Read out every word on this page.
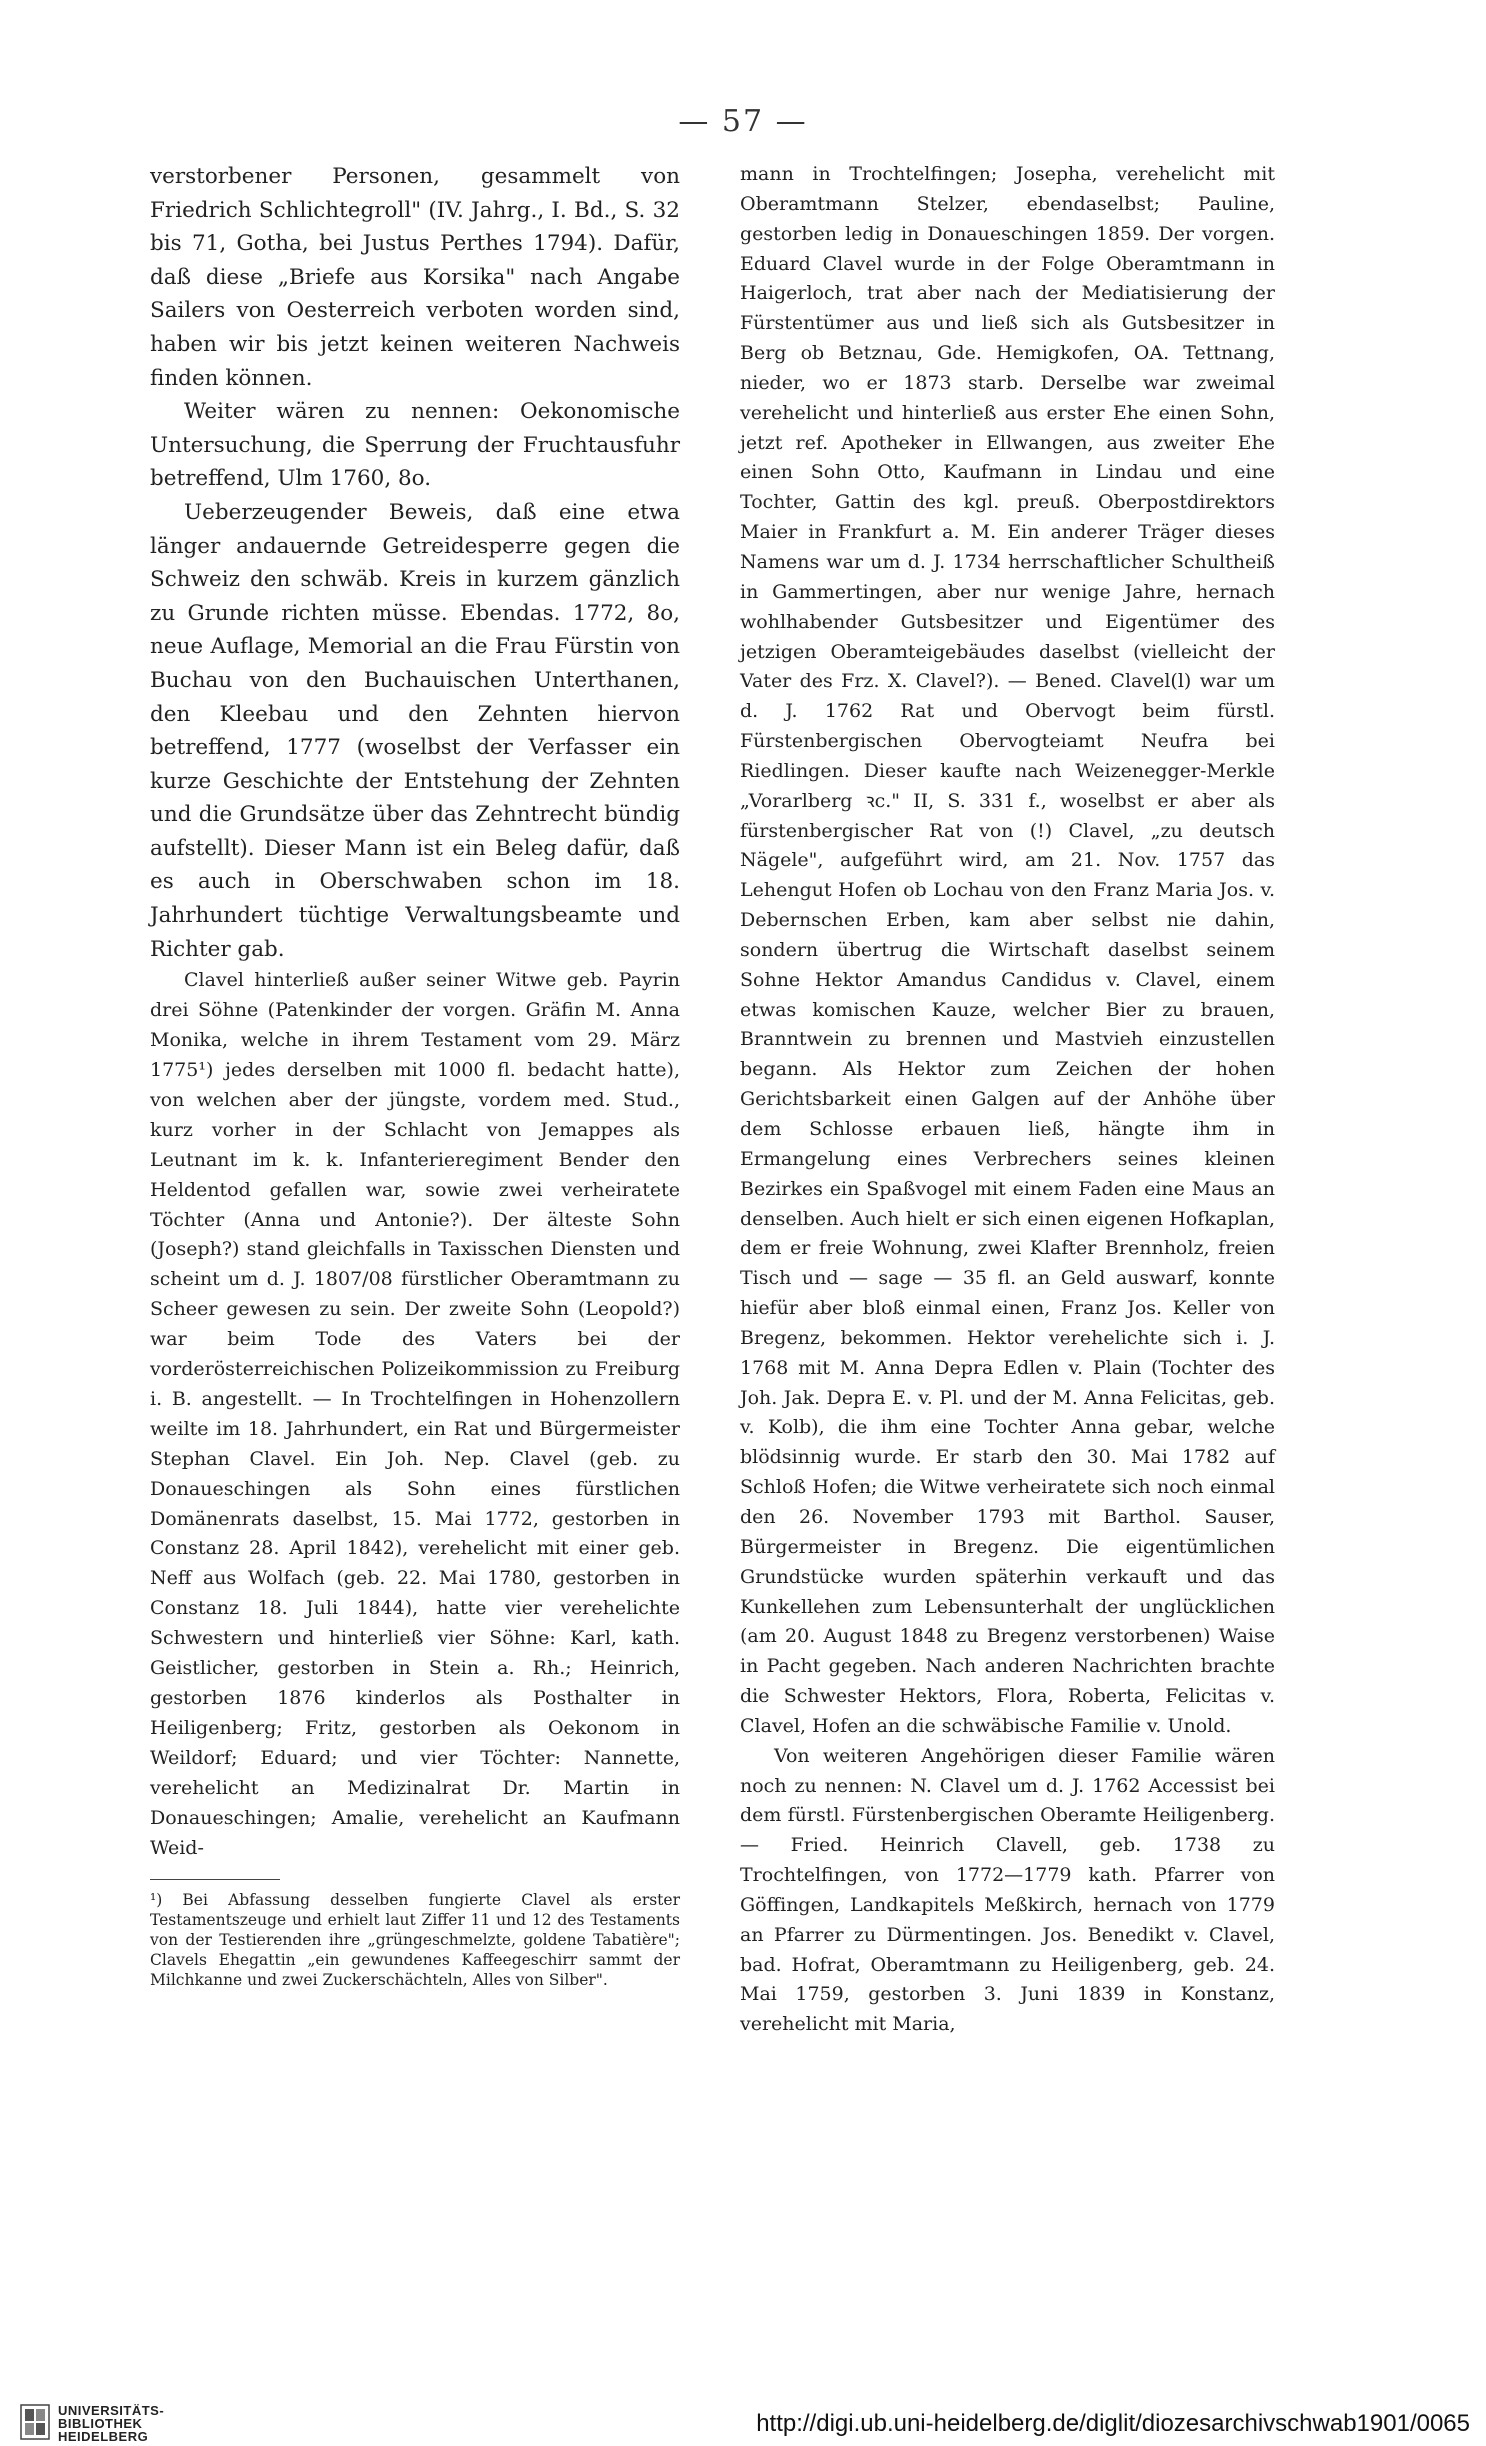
— 57 —

verstorbener Personen, gesammelt von Friedrich Schlichtegroll" (IV. Jahrg., I. Bd., S. 32 bis 71, Gotha, bei Justus Perthes 1794). Dafür, daß diese „Briefe aus Korsika" nach Angabe Sailers von Oesterreich verboten worden sind, haben wir bis jetzt keinen weiteren Nachweis finden können.

Weiter wären zu nennen: Oekonomische Untersuchung, die Sperrung der Fruchtausfuhr betreffend, Ulm 1760, 8o.

Ueberzeugender Beweis, daß eine etwa länger andauernde Getreidesperre gegen die Schweiz den schwäb. Kreis in kurzem gänzlich zu Grunde richten müsse. Ebendas. 1772, 8o, neue Auflage, Memorial an die Frau Fürstin von Buchau von den Buchauischen Unterthanen, den Kleebau und den Zehnten hiervon betreffend, 1777 (woselbst der Verfasser ein kurze Geschichte der Entstehung der Zehnten und die Grundsätze über das Zehntrecht bündig aufstellt). Dieser Mann ist ein Beleg dafür, daß es auch in Oberschwaben schon im 18. Jahrhundert tüchtige Verwaltungsbeamte und Richter gab.

Clavel hinterließ außer seiner Witwe geb. Payrin drei Söhne (Patenkinder der vorgen. Gräfin M. Anna Monika, welche in ihrem Testament vom 29. März 1775¹) jedes derselben mit 1000 fl. bedacht hatte), von welchen aber der jüngste, vordem med. Stud., kurz vorher in der Schlacht von Jemappes als Leutnant im k. k. Infanterieregiment Bender den Heldentod gefallen war, sowie zwei verheiratete Töchter (Anna und Antonie?). Der älteste Sohn (Joseph?) stand gleichfalls in Taxisschen Diensten und scheint um d. J. 1807/08 fürstlicher Oberamtmann zu Scheer gewesen zu sein. Der zweite Sohn (Leopold?) war beim Tode des Vaters bei der vorderösterreichischen Polizeikommission zu Freiburg i. B. angestellt. — In Trochtelfingen in Hohenzollern weilte im 18. Jahrhundert, ein Rat und Bürgermeister Stephan Clavel. Ein Joh. Nep. Clavel (geb. zu Donaueschingen als Sohn eines fürstlichen Domänenrats daselbst, 15. Mai 1772, gestorben in Constanz 28. April 1842), verehelicht mit einer geb. Neff aus Wolfach (geb. 22. Mai 1780, gestorben in Constanz 18. Juli 1844), hatte vier verehelichte Schwestern und hinterließ vier Söhne: Karl, kath. Geistlicher, gestorben in Stein a. Rh.; Heinrich, gestorben 1876 kinderlos als Posthalter in Heiligenberg; Fritz, gestorben als Oekonom in Weildorf; Eduard; und vier Töchter: Nannette, verehelicht an Medizinalrat Dr. Martin in Donaueschingen; Amalie, verehelicht an Kaufmann Weid-

¹) Bei Abfassung desselben fungierte Clavel als erster Testamentszeuge und erhielt laut Ziffer 11 und 12 des Testaments von der Testierenden ihre „grüngeschmelzte, goldene Tabatière"; Clavels Ehegattin „ein gewundenes Kaffeegeschirr sammt der Milchkanne und zwei Zuckerschächteln, Alles von Silber".

mann in Trochtelfingen; Josepha, verehelicht mit Oberamtmann Stelzer, ebendaselbst; Pauline, gestorben ledig in Donaueschingen 1859. Der vorgen. Eduard Clavel wurde in der Folge Oberamtmann in Haigerloch, trat aber nach der Mediatisierung der Fürstentümer aus und ließ sich als Gutsbesitzer in Berg ob Betznau, Gde. Hemigkofen, OA. Tettnang, nieder, wo er 1873 starb. Derselbe war zweimal verehelicht und hinterließ aus erster Ehe einen Sohn, jetzt ref. Apotheker in Ellwangen, aus zweiter Ehe einen Sohn Otto, Kaufmann in Lindau und eine Tochter, Gattin des kgl. preuß. Oberpostdirektors Maier in Frankfurt a. M. Ein anderer Träger dieses Namens war um d. J. 1734 herrschaftlicher Schultheiß in Gammertingen, aber nur wenige Jahre, hernach wohlhabender Gutsbesitzer und Eigentümer des jetzigen Oberamteigebäudes daselbst (vielleicht der Vater des Frz. X. Clavel?). — Bened. Clavel(l) war um d. J. 1762 Rat und Obervogt beim fürstl. Fürstenbergischen Obervogteiamt Neufra bei Riedlingen. Dieser kaufte nach Weizenegger-Merkle „Vorarlberg ꝛc." II, S. 331 f., woselbst er aber als fürstenbergischer Rat von (!) Clavel, „zu deutsch Nägele", aufgeführt wird, am 21. Nov. 1757 das Lehengut Hofen ob Lochau von den Franz Maria Jos. v. Debernschen Erben, kam aber selbst nie dahin, sondern übertrug die Wirtschaft daselbst seinem Sohne Hektor Amandus Candidus v. Clavel, einem etwas komischen Kauze, welcher Bier zu brauen, Branntwein zu brennen und Mastvieh einzustellen begann. Als Hektor zum Zeichen der hohen Gerichtsbarkeit einen Galgen auf der Anhöhe über dem Schlosse erbauen ließ, hängte ihm in Ermangelung eines Verbrechers seines kleinen Bezirkes ein Spaßvogel mit einem Faden eine Maus an denselben. Auch hielt er sich einen eigenen Hofkaplan, dem er freie Wohnung, zwei Klafter Brennholz, freien Tisch und — sage — 35 fl. an Geld auswarf, konnte hiefür aber bloß einmal einen, Franz Jos. Keller von Bregenz, bekommen. Hektor verehelichte sich i. J. 1768 mit M. Anna Depra Edlen v. Plain (Tochter des Joh. Jak. Depra E. v. Pl. und der M. Anna Felicitas, geb. v. Kolb), die ihm eine Tochter Anna gebar, welche blödsinnig wurde. Er starb den 30. Mai 1782 auf Schloß Hofen; die Witwe verheiratete sich noch einmal den 26. November 1793 mit Barthol. Sauser, Bürgermeister in Bregenz. Die eigentümlichen Grundstücke wurden späterhin verkauft und das Kunkellehen zum Lebensunterhalt der unglücklichen (am 20. August 1848 zu Bregenz verstorbenen) Waise in Pacht gegeben. Nach anderen Nachrichten brachte die Schwester Hektors, Flora, Roberta, Felicitas v. Clavel, Hofen an die schwäbische Familie v. Unold.

Von weiteren Angehörigen dieser Familie wären noch zu nennen: N. Clavel um d. J. 1762 Accessist bei dem fürstl. Fürstenbergischen Oberamte Heiligenberg. — Fried. Heinrich Clavell, geb. 1738 zu Trochtelfingen, von 1772—1779 kath. Pfarrer von Göffingen, Landkapitels Meßkirch, hernach von 1779 an Pfarrer zu Dürmentingen. Jos. Benedikt v. Clavel, bad. Hofrat, Oberamtmann zu Heiligenberg, geb. 24. Mai 1759, gestorben 3. Juni 1839 in Konstanz, verehelicht mit Maria,

UNIVERSITÄTS-
BIBLIOTHEK
HEIDELBERG	http://digi.ub.uni-heidelberg.de/diglit/diozesarchivschwab1901/0065
